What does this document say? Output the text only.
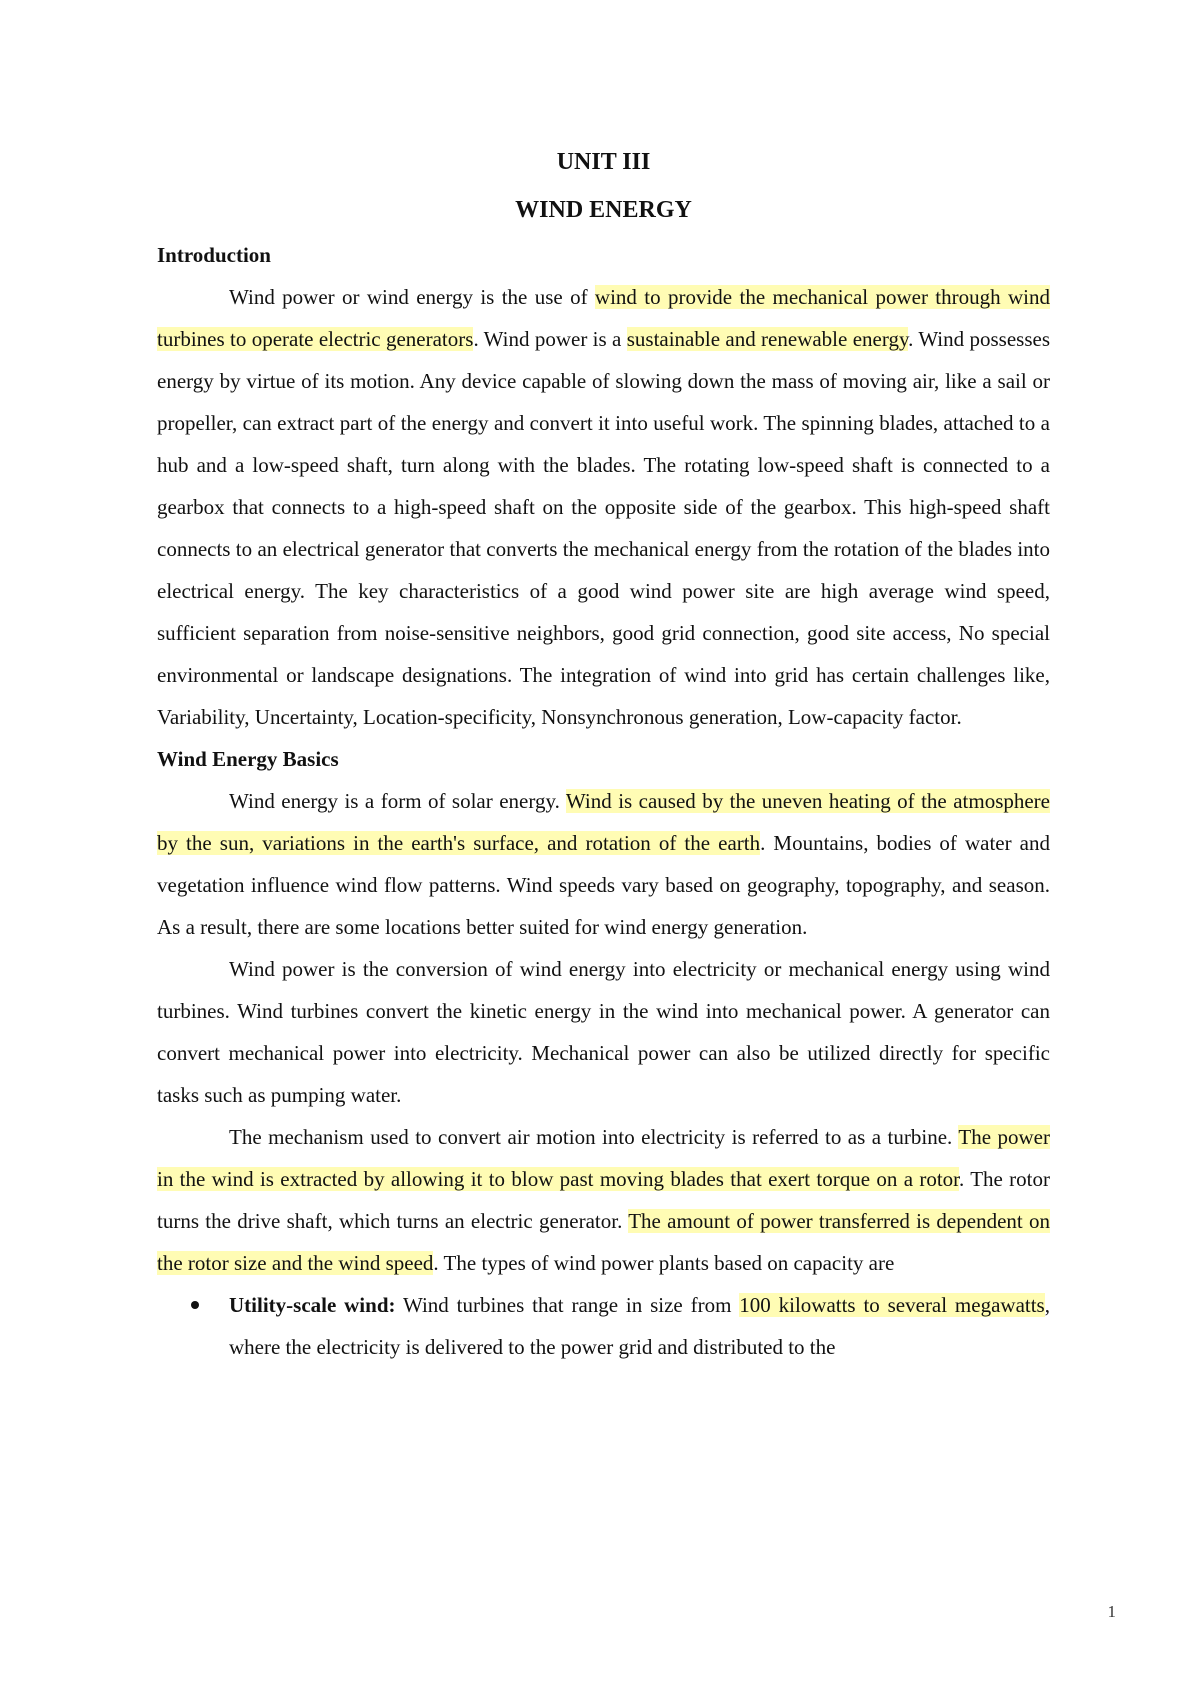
UNIT III
WIND ENERGY
Introduction

Wind power or wind energy is the use of wind to provide the mechanical power through wind turbines to operate electric generators. Wind power is a sustainable and renewable energy. Wind possesses energy by virtue of its motion. Any device capable of slowing down the mass of moving air, like a sail or propeller, can extract part of the energy and convert it into useful work. The spinning blades, attached to a hub and a low-speed shaft, turn along with the blades. The rotating low-speed shaft is connected to a gearbox that connects to a high-speed shaft on the opposite side of the gearbox. This high-speed shaft connects to an electrical generator that converts the mechanical energy from the rotation of the blades into electrical energy. The key characteristics of a good wind power site are high average wind speed, sufficient separation from noise-sensitive neighbors, good grid connection, good site access, No special environmental or landscape designations. The integration of wind into grid has certain challenges like, Variability, Uncertainty, Location-specificity, Nonsynchronous generation, Low-capacity factor.

Wind Energy Basics

Wind energy is a form of solar energy. Wind is caused by the uneven heating of the atmosphere by the sun, variations in the earth's surface, and rotation of the earth. Mountains, bodies of water and vegetation influence wind flow patterns. Wind speeds vary based on geography, topography, and season. As a result, there are some locations better suited for wind energy generation.

Wind power is the conversion of wind energy into electricity or mechanical energy using wind turbines. Wind turbines convert the kinetic energy in the wind into mechanical power. A generator can convert mechanical power into electricity. Mechanical power can also be utilized directly for specific tasks such as pumping water.

The mechanism used to convert air motion into electricity is referred to as a turbine. The power in the wind is extracted by allowing it to blow past moving blades that exert torque on a rotor. The rotor turns the drive shaft, which turns an electric generator. The amount of power transferred is dependent on the rotor size and the wind speed. The types of wind power plants based on capacity are

Utility-scale wind: Wind turbines that range in size from 100 kilowatts to several megawatts, where the electricity is delivered to the power grid and distributed to the
1
